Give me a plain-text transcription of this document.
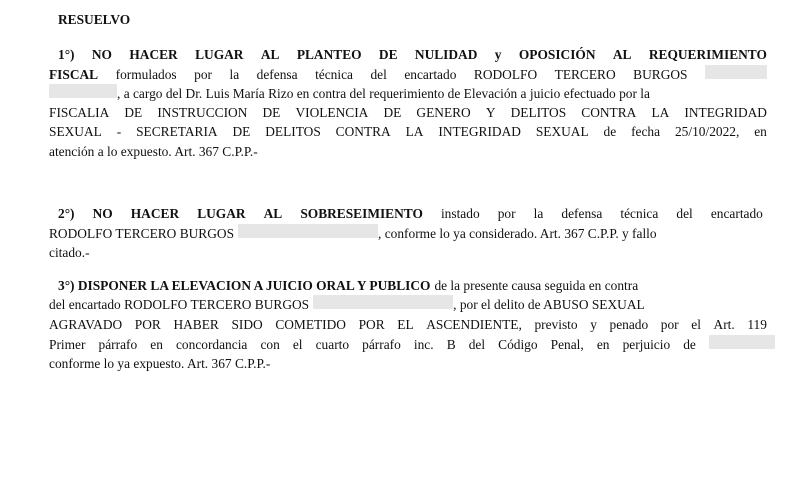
RESUELVO
1°) NO HACER LUGAR AL PLANTEO DE NULIDAD y OPOSICIÓN AL REQUERIMIENTO
FISCAL formulados por la defensa técnica del encartado RODOLFO TERCERO BURGOS
, a cargo del Dr. Luis María Rizo en contra del requerimiento de Elevación a juicio efectuado por la
FISCALIA DE INSTRUCCION DE VIOLENCIA DE GENERO Y DELITOS CONTRA LA INTEGRIDAD
SEXUAL - SECRETARIA DE DELITOS CONTRA LA INTEGRIDAD SEXUAL de fecha 25/10/2022, en
atención a lo expuesto. Art. 367 C.P.P.-
2°) NO HACER LUGAR AL SOBRESEIMIENTO instado por la defensa técnica del encartado
RODOLFO TERCERO BURGOS	, conforme lo ya considerado. Art. 367 C.P.P. y fallo
citado.-
3°) DISPONER LA ELEVACION A JUICIO ORAL Y PUBLICO de la presente causa seguida en contra
del encartado RODOLFO TERCERO BURGOS	, por el delito de ABUSO SEXUAL
AGRAVADO POR HABER SIDO COMETIDO POR EL ASCENDIENTE, previsto y penado por el Art. 119
Primer párrafo en concordancia con el cuarto párrafo inc. B del Código Penal, en perjuicio de
conforme lo ya expuesto. Art. 367 C.P.P.-
